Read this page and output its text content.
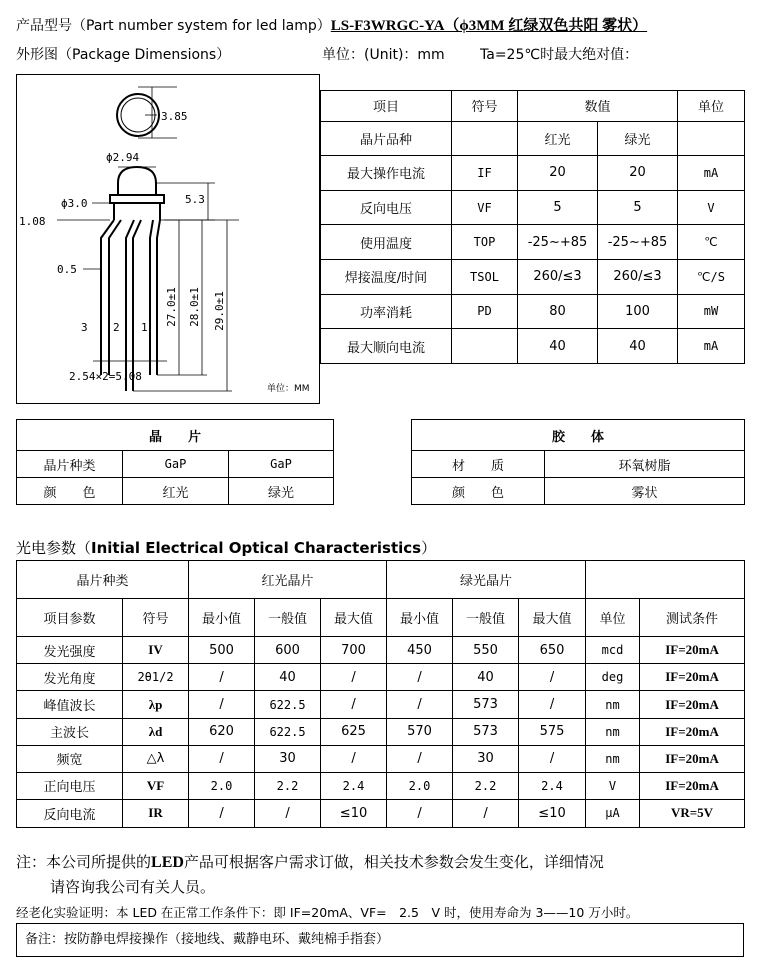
产品型号（Part number system for led lamp）LS-F3WRGC-YA（ϕ3MM 红绿双色共阳 雾状）
外形图（Package Dimensions）	单位：(Unit)：mm	Ta=25℃时最大绝对值：
3.85
ϕ2.94
ϕ3.0
1.08
5.3
0.5
27.0±1 28.0±1 29.0±1
3 2 1
2.54×2=5.08
单位：MM
项目	符号	数值		单位
晶片品种		红光	绿光	
最大操作电流	IF	20	20	mA
反向电压	VF	5	5	V
使用温度	TOP	-25~+85	-25~+85	℃
焊接温度/时间	TSOL	260/≤3	260/≤3	℃/S
功率消耗	PD	80	100	mW
最大顺向电流		40	40	mA
晶　　片		
晶片种类	GaP	GaP
颜　　色	红光	绿光
胶　　体	
材　　质	环氧树脂
颜　　色	雾状
光电参数（Initial Electrical Optical Characteristics）
晶片种类		红光晶片			绿光晶片				
项目参数	符号	最小值	一般值	最大值	最小值	一般值	最大值	单位	测试条件
发光强度	IV	500	600	700	450	550	650	mcd	IF=20mA
发光角度	2θ1/2	/	40	/	/	40	/	deg	IF=20mA
峰值波长	λp	/	622.5	/	/	573	/	nm	IF=20mA
主波长	λd	620	622.5	625	570	573	575	nm	IF=20mA
频宽	△λ	/	30	/	/	30	/	nm	IF=20mA
正向电压	VF	2.0	2.2	2.4	2.0	2.2	2.4	V	IF=20mA
反向电流	IR	/	/	≤10	/	/	≤10	μA	VR=5V
注：本公司所提供的LED产品可根据客户需求订做，相关技术参数会发生变化，详细情况
请咨询我公司有关人员。
经老化实验证明：本 LED 在正常工作条件下：即 IF=20mA、VF=　2.5　V 时，使用寿命为 3——10 万小时。
备注：按防静电焊接操作（接地线、戴静电环、戴纯棉手指套）
